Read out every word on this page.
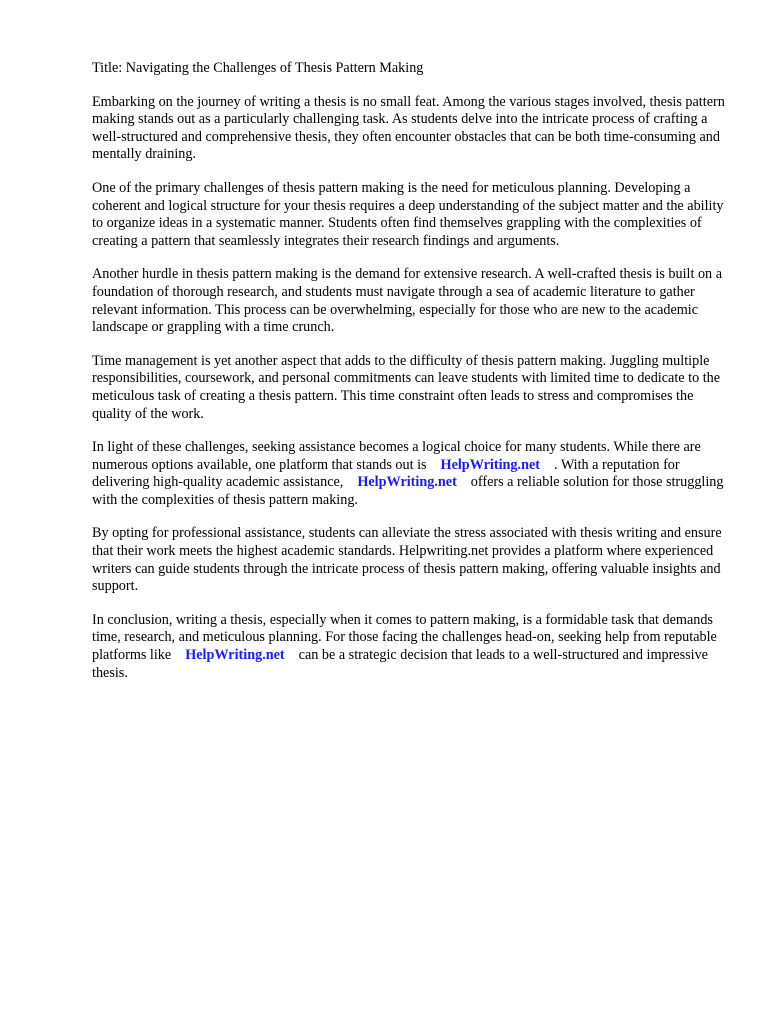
Title: Navigating the Challenges of Thesis Pattern Making

Embarking on the journey of writing a thesis is no small feat. Among the various stages involved, thesis pattern making stands out as a particularly challenging task. As students delve into the intricate process of crafting a well-structured and comprehensive thesis, they often encounter obstacles that can be both time-consuming and mentally draining.

One of the primary challenges of thesis pattern making is the need for meticulous planning. Developing a coherent and logical structure for your thesis requires a deep understanding of the subject matter and the ability to organize ideas in a systematic manner. Students often find themselves grappling with the complexities of creating a pattern that seamlessly integrates their research findings and arguments.

Another hurdle in thesis pattern making is the demand for extensive research. A well-crafted thesis is built on a foundation of thorough research, and students must navigate through a sea of academic literature to gather relevant information. This process can be overwhelming, especially for those who are new to the academic landscape or grappling with a time crunch.

Time management is yet another aspect that adds to the difficulty of thesis pattern making. Juggling multiple responsibilities, coursework, and personal commitments can leave students with limited time to dedicate to the meticulous task of creating a thesis pattern. This time constraint often leads to stress and compromises the quality of the work.

In light of these challenges, seeking assistance becomes a logical choice for many students. While there are numerous options available, one platform that stands out is HelpWriting.net . With a reputation for delivering high-quality academic assistance, HelpWriting.net offers a reliable solution for those struggling with the complexities of thesis pattern making.

By opting for professional assistance, students can alleviate the stress associated with thesis writing and ensure that their work meets the highest academic standards. Helpwriting.net provides a platform where experienced writers can guide students through the intricate process of thesis pattern making, offering valuable insights and support.

In conclusion, writing a thesis, especially when it comes to pattern making, is a formidable task that demands time, research, and meticulous planning. For those facing the challenges head-on, seeking help from reputable platforms like HelpWriting.net can be a strategic decision that leads to a well-structured and impressive thesis.
